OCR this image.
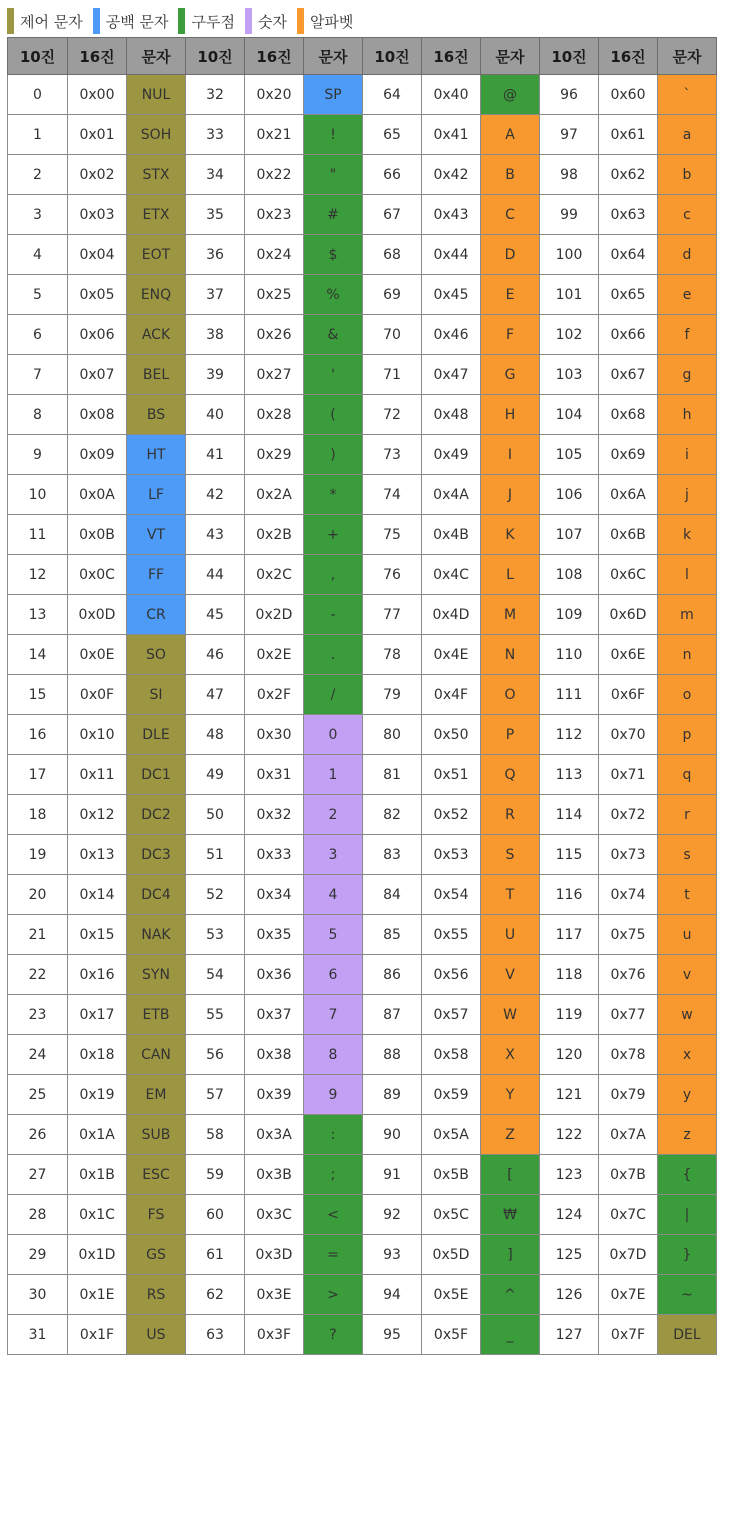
제어 문자 공백 문자 구두점 숫자 알파벳
10진	16진	문자	10진	16진	문자	10진	16진	문자	10진	16진	문자
0	0x00	NUL	32	0x20	SP	64	0x40	@	96	0x60	`
1	0x01	SOH	33	0x21	!	65	0x41	A	97	0x61	a
2	0x02	STX	34	0x22	"	66	0x42	B	98	0x62	b
3	0x03	ETX	35	0x23	#	67	0x43	C	99	0x63	c
4	0x04	EOT	36	0x24	$	68	0x44	D	100	0x64	d
5	0x05	ENQ	37	0x25	%	69	0x45	E	101	0x65	e
6	0x06	ACK	38	0x26	&	70	0x46	F	102	0x66	f
7	0x07	BEL	39	0x27	'	71	0x47	G	103	0x67	g
8	0x08	BS	40	0x28	(	72	0x48	H	104	0x68	h
9	0x09	HT	41	0x29	)	73	0x49	I	105	0x69	i
10	0x0A	LF	42	0x2A	*	74	0x4A	J	106	0x6A	j
11	0x0B	VT	43	0x2B	+	75	0x4B	K	107	0x6B	k
12	0x0C	FF	44	0x2C	,	76	0x4C	L	108	0x6C	l
13	0x0D	CR	45	0x2D	-	77	0x4D	M	109	0x6D	m
14	0x0E	SO	46	0x2E	.	78	0x4E	N	110	0x6E	n
15	0x0F	SI	47	0x2F	/	79	0x4F	O	111	0x6F	o
16	0x10	DLE	48	0x30	0	80	0x50	P	112	0x70	p
17	0x11	DC1	49	0x31	1	81	0x51	Q	113	0x71	q
18	0x12	DC2	50	0x32	2	82	0x52	R	114	0x72	r
19	0x13	DC3	51	0x33	3	83	0x53	S	115	0x73	s
20	0x14	DC4	52	0x34	4	84	0x54	T	116	0x74	t
21	0x15	NAK	53	0x35	5	85	0x55	U	117	0x75	u
22	0x16	SYN	54	0x36	6	86	0x56	V	118	0x76	v
23	0x17	ETB	55	0x37	7	87	0x57	W	119	0x77	w
24	0x18	CAN	56	0x38	8	88	0x58	X	120	0x78	x
25	0x19	EM	57	0x39	9	89	0x59	Y	121	0x79	y
26	0x1A	SUB	58	0x3A	:	90	0x5A	Z	122	0x7A	z
27	0x1B	ESC	59	0x3B	;	91	0x5B	[	123	0x7B	{
28	0x1C	FS	60	0x3C	<	92	0x5C	₩	124	0x7C	|
29	0x1D	GS	61	0x3D	=	93	0x5D	]	125	0x7D	}
30	0x1E	RS	62	0x3E	>	94	0x5E	^	126	0x7E	~
31	0x1F	US	63	0x3F	?	95	0x5F	_	127	0x7F	DEL
